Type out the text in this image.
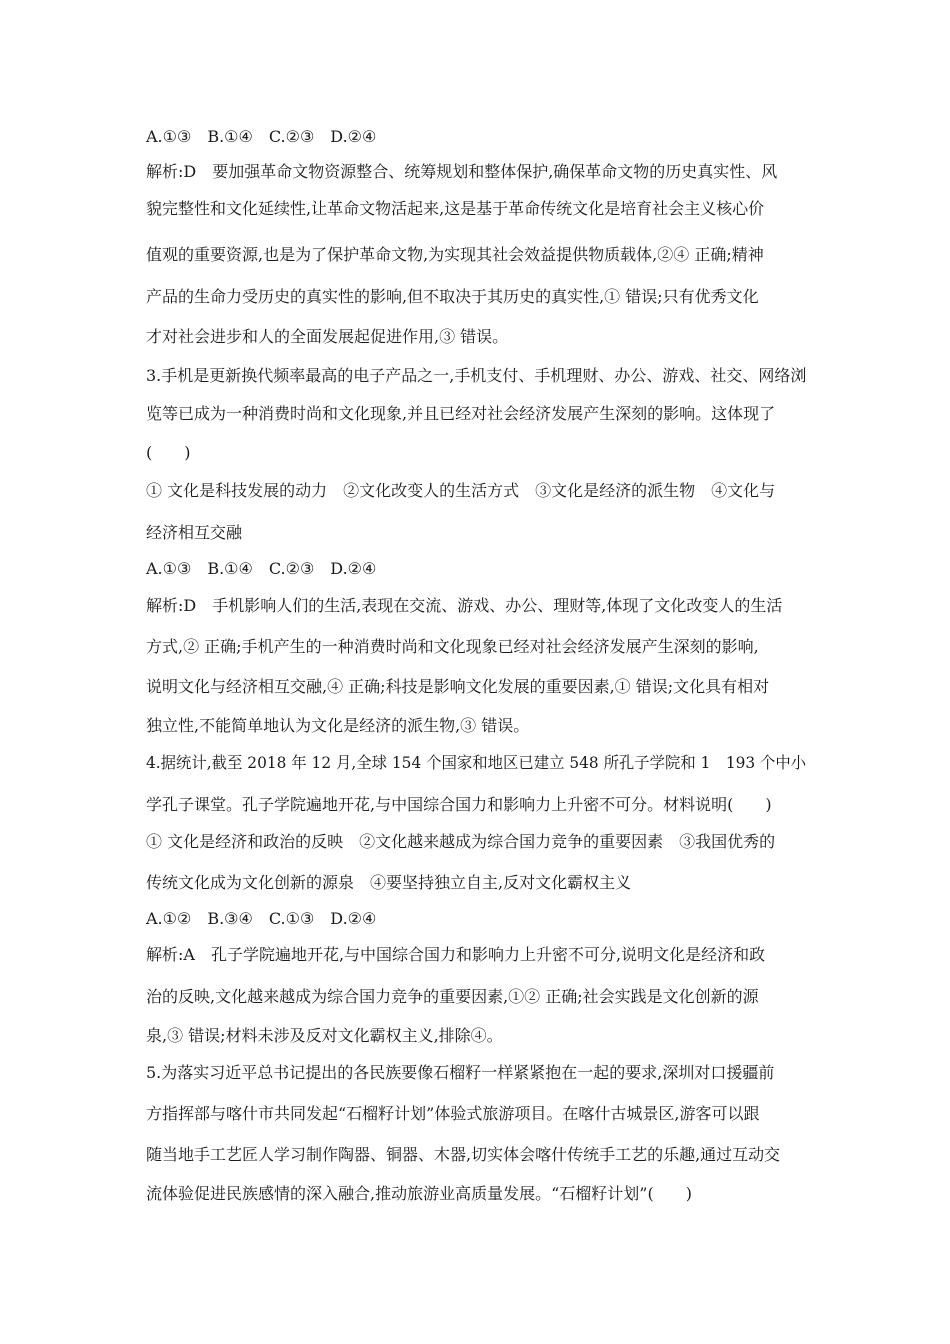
A.①③　B.①④　C.②③　D.②④
解析:D　要加强革命文物资源整合、统筹规划和整体保护,确保革命文物的历史真实性、风
貌完整性和文化延续性,让革命文物活起来,这是基于革命传统文化是培育社会主义核心价
值观的重要资源,也是为了保护革命文物,为实现其社会效益提供物质载体,②④ 正确;精神
产品的生命力受历史的真实性的影响,但不取决于其历史的真实性,① 错误;只有优秀文化
才对社会进步和人的全面发展起促进作用,③ 错误。
3.手机是更新换代频率最高的电子产品之一,手机支付、手机理财、办公、游戏、社交、网络浏
览等已成为一种消费时尚和文化现象,并且已经对社会经济发展产生深刻的影响。这体现了
(　　)
① 文化是科技发展的动力　②文化改变人的生活方式　③文化是经济的派生物　④文化与
经济相互交融
A.①③　B.①④　C.②③　D.②④
解析:D　手机影响人们的生活,表现在交流、游戏、办公、理财等,体现了文化改变人的生活
方式,② 正确;手机产生的一种消费时尚和文化现象已经对社会经济发展产生深刻的影响,
说明文化与经济相互交融,④ 正确;科技是影响文化发展的重要因素,① 错误;文化具有相对
独立性,不能简单地认为文化是经济的派生物,③ 错误。
4.据统计,截至 2018 年 12 月,全球 154 个国家和地区已建立 548 所孔子学院和 1　193 个中小
学孔子课堂。孔子学院遍地开花,与中国综合国力和影响力上升密不可分。材料说明(　　)
① 文化是经济和政治的反映　②文化越来越成为综合国力竞争的重要因素　③我国优秀的
传统文化成为文化创新的源泉　④要坚持独立自主,反对文化霸权主义
A.①②　B.③④　C.①③　D.②④
解析:A　孔子学院遍地开花,与中国综合国力和影响力上升密不可分,说明文化是经济和政
治的反映,文化越来越成为综合国力竞争的重要因素,①② 正确;社会实践是文化创新的源
泉,③ 错误;材料未涉及反对文化霸权主义,排除④。
5.为落实习近平总书记提出的各民族要像石榴籽一样紧紧抱在一起的要求,深圳对口援疆前
方指挥部与喀什市共同发起“石榴籽计划”体验式旅游项目。在喀什古城景区,游客可以跟
随当地手工艺匠人学习制作陶器、铜器、木器,切实体会喀什传统手工艺的乐趣,通过互动交
流体验促进民族感情的深入融合,推动旅游业高质量发展。“石榴籽计划”(　　)
